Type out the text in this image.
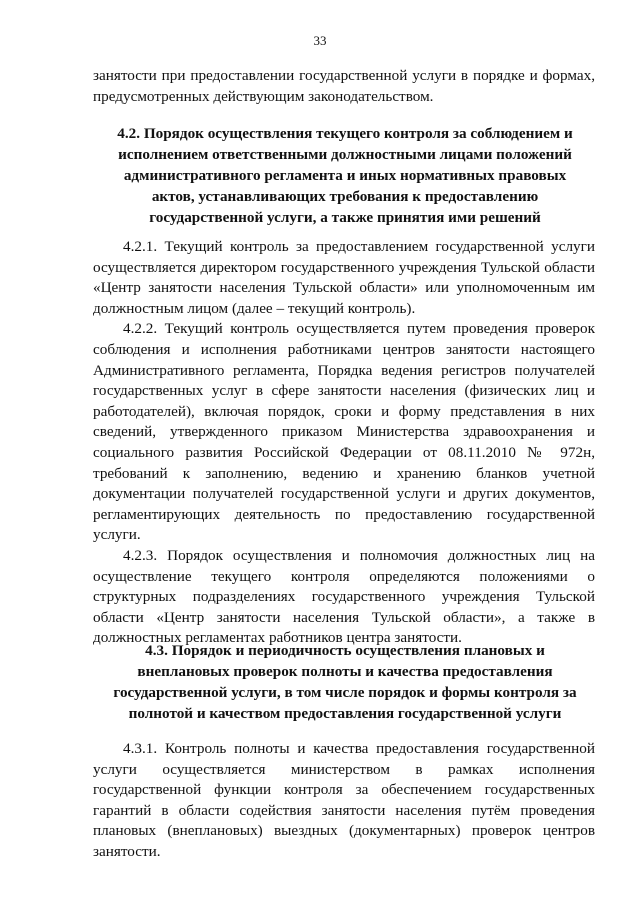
33

занятости при предоставлении государственной услуги в порядке и формах, предусмотренных действующим законодательством.

4.2. Порядок осуществления текущего контроля за соблюдением и исполнением ответственными должностными лицами положений административного регламента и иных нормативных правовых актов, устанавливающих требования к предоставлению государственной услуги, а также принятия ими решений

4.2.1. Текущий контроль за предоставлением государственной услуги осуществляется директором государственного учреждения Тульской области «Центр занятости населения Тульской области» или уполномоченным им должностным лицом (далее – текущий контроль).

4.2.2. Текущий контроль осуществляется путем проведения проверок соблюдения и исполнения работниками центров занятости настоящего Административного регламента, Порядка ведения регистров получателей государственных услуг в сфере занятости населения (физических лиц и работодателей), включая порядок, сроки и форму представления в них сведений, утвержденного приказом Министерства здравоохранения и социального развития Российской Федерации от 08.11.2010 № 972н, требований к заполнению, ведению и хранению бланков учетной документации получателей государственной услуги и других документов, регламентирующих деятельность по предоставлению государственной услуги.

4.2.3. Порядок осуществления и полномочия должностных лиц на осуществление текущего контроля определяются положениями о структурных подразделениях государственного учреждения Тульской области «Центр занятости населения Тульской области», а также в должностных регламентах работников центра занятости.

4.3. Порядок и периодичность осуществления плановых и внеплановых проверок полноты и качества предоставления государственной услуги, в том числе порядок и формы контроля за полнотой и качеством предоставления государственной услуги

4.3.1. Контроль полноты и качества предоставления государственной услуги осуществляется министерством в рамках исполнения государственной функции контроля за обеспечением государственных гарантий в области содействия занятости населения путём проведения плановых (внеплановых) выездных (документарных) проверок центров занятости.
